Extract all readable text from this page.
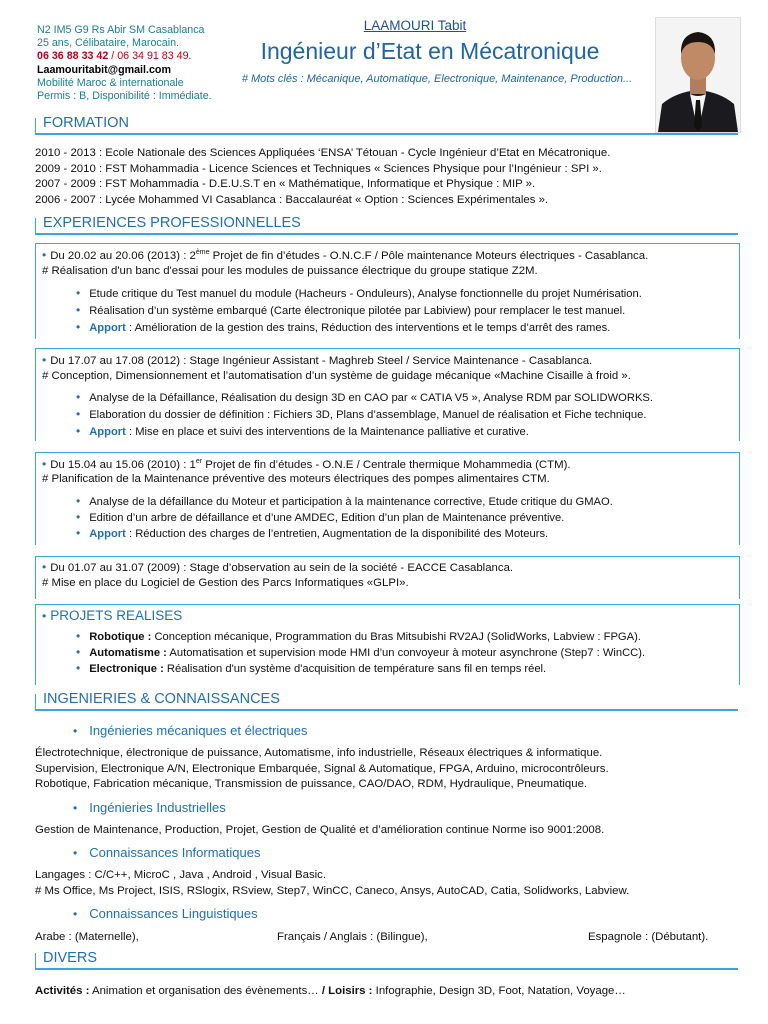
N2 IM5 G9 Rs Abir SM Casablanca
25 ans, Célibataire, Marocain.
06 36 88 33 42 / 06 34 91 83 49.
Laamouritabit@gmail.com
Mobilité Maroc & internationale
Permis : B, Disponibilité : Immédiate.
LAAMOURI Tabit
Ingénieur d’Etat en Mécatronique
# Mots clés : Mécanique, Automatique, Electronique, Maintenance, Production...
FORMATION
2010 - 2013 : Ecole Nationale des Sciences Appliquées ‘ENSA’ Tétouan - Cycle Ingénieur d’Etat en Mécatronique.
2009 - 2010 : FST Mohammadia - Licence Sciences et Techniques « Sciences Physique pour l’Ingénieur : SPI ».
2007 - 2009 : FST Mohammadia - D.E.U.S.T en « Mathématique, Informatique et Physique : MIP ».
2006 - 2007 : Lycée Mohammed VI Casablanca : Baccalauréat « Option : Sciences Expérimentales ».
EXPERIENCES PROFESSIONNELLES
• Du 20.02 au 20.06 (2013) : 2ème Projet de fin d’études - O.N.C.F / Pôle maintenance Moteurs électriques - Casablanca.
# Réalisation d'un banc d'essai pour les modules de puissance électrique du groupe statique Z2M.
• Etude critique du Test manuel du module (Hacheurs - Onduleurs), Analyse fonctionnelle du projet Numérisation.
• Réalisation d’un système embarqué (Carte électronique pilotée par Labiview) pour remplacer le test manuel.
• Apport : Amélioration de la gestion des trains, Réduction des interventions et le temps d’arrêt des rames.
• Du 17.07 au 17.08 (2012) : Stage Ingénieur Assistant - Maghreb Steel / Service Maintenance - Casablanca.
# Conception, Dimensionnement et l’automatisation d’un système de guidage mécanique «Machine Cisaille à froid ».
• Analyse de la Défaillance, Réalisation du design 3D en CAO par « CATIA V5 », Analyse RDM par SOLIDWORKS.
• Elaboration du dossier de définition : Fichiers 3D, Plans d’assemblage, Manuel de réalisation et Fiche technique.
• Apport : Mise en place et suivi des interventions de la Maintenance palliative et curative.
• Du 15.04 au 15.06 (2010) : 1er Projet de fin d’études - O.N.E / Centrale thermique Mohammedia (CTM).
# Planification de la Maintenance préventive des moteurs électriques des pompes alimentaires CTM.
• Analyse de la défaillance du Moteur et participation à la maintenance corrective, Etude critique du GMAO.
• Edition d’un arbre de défaillance et d’une AMDEC, Edition d’un plan de Maintenance préventive.
• Apport : Réduction des charges de l’entretien, Augmentation de la disponibilité des Moteurs.
• Du 01.07 au 31.07 (2009) : Stage d’observation au sein de la société - EACCE Casablanca.
# Mise en place du Logiciel de Gestion des Parcs Informatiques «GLPI».
• PROJETS REALISES
• Robotique : Conception mécanique, Programmation du Bras Mitsubishi RV2AJ (SolidWorks, Labview : FPGA).
• Automatisme : Automatisation et supervision mode HMI d’un convoyeur à moteur asynchrone (Step7 : WinCC).
• Electronique : Réalisation d'un système d'acquisition de température sans fil en temps réel.
INGENIERIES & CONNAISSANCES
• Ingénieries mécaniques et électriques
Électrotechnique, électronique de puissance, Automatisme, info industrielle, Réseaux électriques & informatique.
Supervision, Electronique A/N, Electronique Embarquée, Signal & Automatique, FPGA, Arduino, microcontrôleurs.
Robotique, Fabrication mécanique, Transmission de puissance, CAO/DAO, RDM, Hydraulique, Pneumatique.
• Ingénieries Industrielles
Gestion de Maintenance, Production, Projet, Gestion de Qualité et d’amélioration continue Norme iso 9001:2008.
• Connaissances Informatiques
Langages : C/C++, MicroC , Java , Android , Visual Basic.
# Ms Office, Ms Project, ISIS, RSlogix, RSview, Step7, WinCC, Caneco, Ansys, AutoCAD, Catia, Solidworks, Labview.
• Connaissances Linguistiques
Arabe : (Maternelle),	Français / Anglais : (Bilingue),	Espagnole : (Débutant).
DIVERS
Activités : Animation et organisation des évènements… / Loisirs : Infographie, Design 3D, Foot, Natation, Voyage…
